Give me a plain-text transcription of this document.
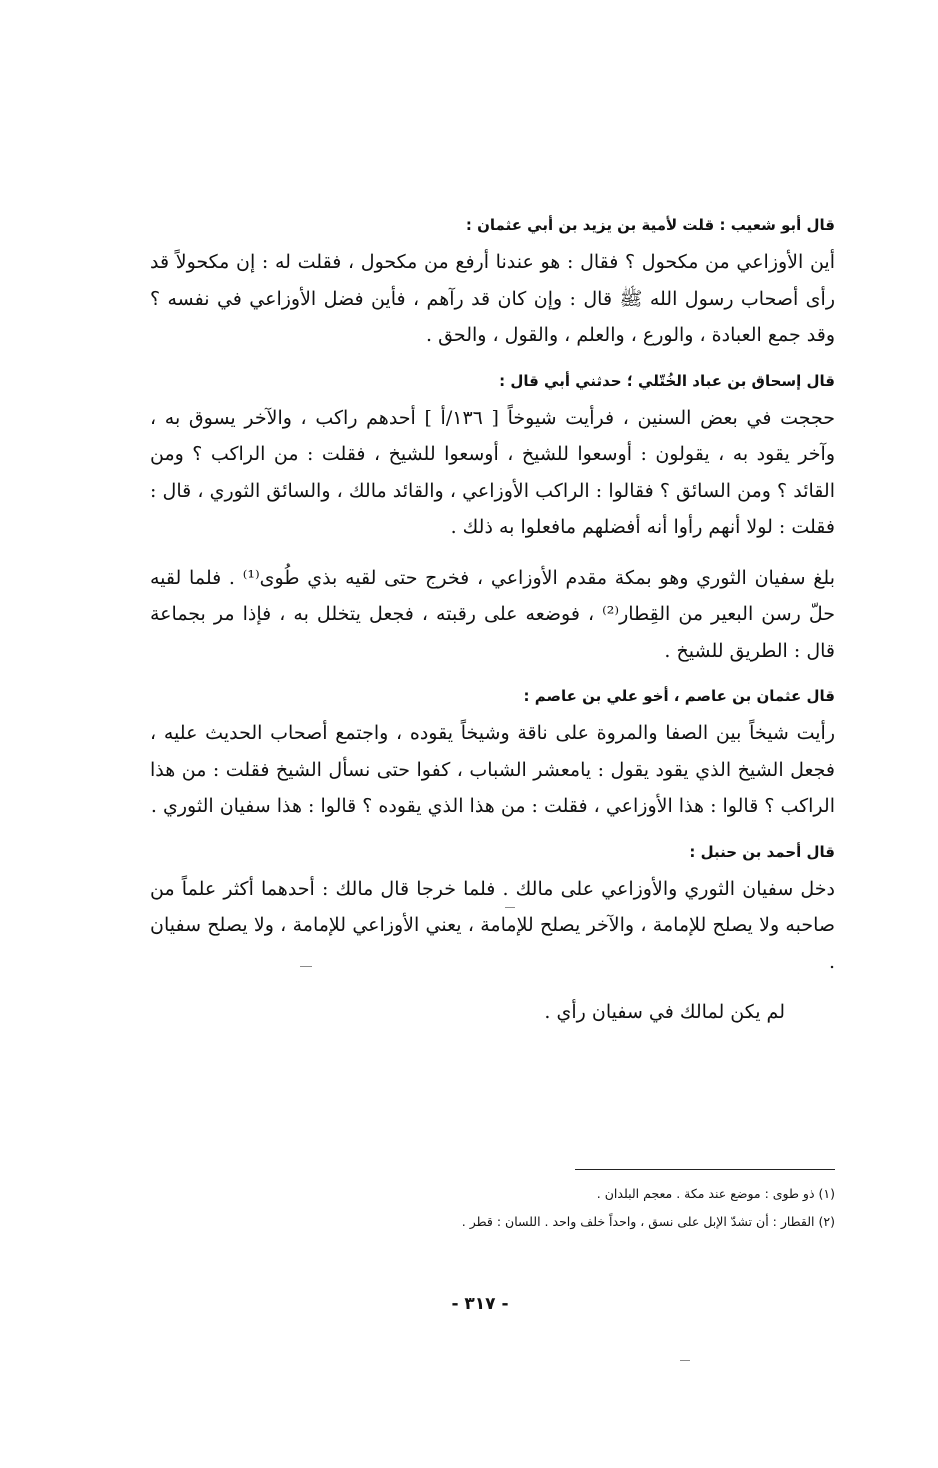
قال أبو شعيب : قلت لأمية بن يزيد بن أبي عثمان :

أين الأوزاعي من مكحول ؟ فقال : هو عندنا أرفع من مكحول ، فقلت له : إن مكحولاً قد رأى أصحاب رسول الله ﷺ قال : وإن كان قد رآهم ، فأين فضل الأوزاعي في نفسه ؟ وقد جمع العبادة ، والورع ، والعلم ، والقول ، والحق .

قال إسحاق بن عباد الخُتّلي ؛ حدثني أبي قال :

حججت في بعض السنين ، فرأيت شيوخاً [ ١٣٦/أ ] أحدهم راكب ، والآخر يسوق به ، وآخر يقود به ، يقولون : أوسعوا للشيخ ، أوسعوا للشيخ ، فقلت : من الراكب ؟ ومن القائد ؟ ومن السائق ؟ فقالوا : الراكب الأوزاعي ، والقائد مالك ، والسائق الثوري ، قال : فقلت : لولا أنهم رأوا أنه أفضلهم مافعلوا به ذلك .

بلغ سفيان الثوري وهو بمكة مقدم الأوزاعي ، فخرج حتى لقيه بذي طُوى⁽¹⁾ . فلما لقيه حلّ رسن البعير من القِطار⁽²⁾ ، فوضعه على رقبته ، فجعل يتخلل به ، فإذا مر بجماعة قال : الطريق للشيخ .

قال عثمان بن عاصم ، أخو علي بن عاصم :

رأيت شيخاً بين الصفا والمروة على ناقة وشيخاً يقوده ، واجتمع أصحاب الحديث عليه ، فجعل الشيخ الذي يقود يقول : يامعشر الشباب ، كفوا حتى نسأل الشيخ فقلت : من هذا الراكب ؟ قالوا : هذا الأوزاعي ، فقلت : من هذا الذي يقوده ؟ قالوا : هذا سفيان الثوري .

قال أحمد بن حنبل :

دخل سفيان الثوري والأوزاعي على مالك . فلما خرجا قال مالك : أحدهما أكثر علماً من صاحبه ولا يصلح للإمامة ، والآخر يصلح للإمامة ، يعني الأوزاعي للإمامة ، ولا يصلح سفيان .

لم يكن لمالك في سفيان رأي .

(١) ذو طوى : موضع عند مكة . معجم البلدان .

(٢) القطار : أن تشدّ الإبل على نسق ، واحداً خلف واحد . اللسان : قطر .

- ٣١٧ -
